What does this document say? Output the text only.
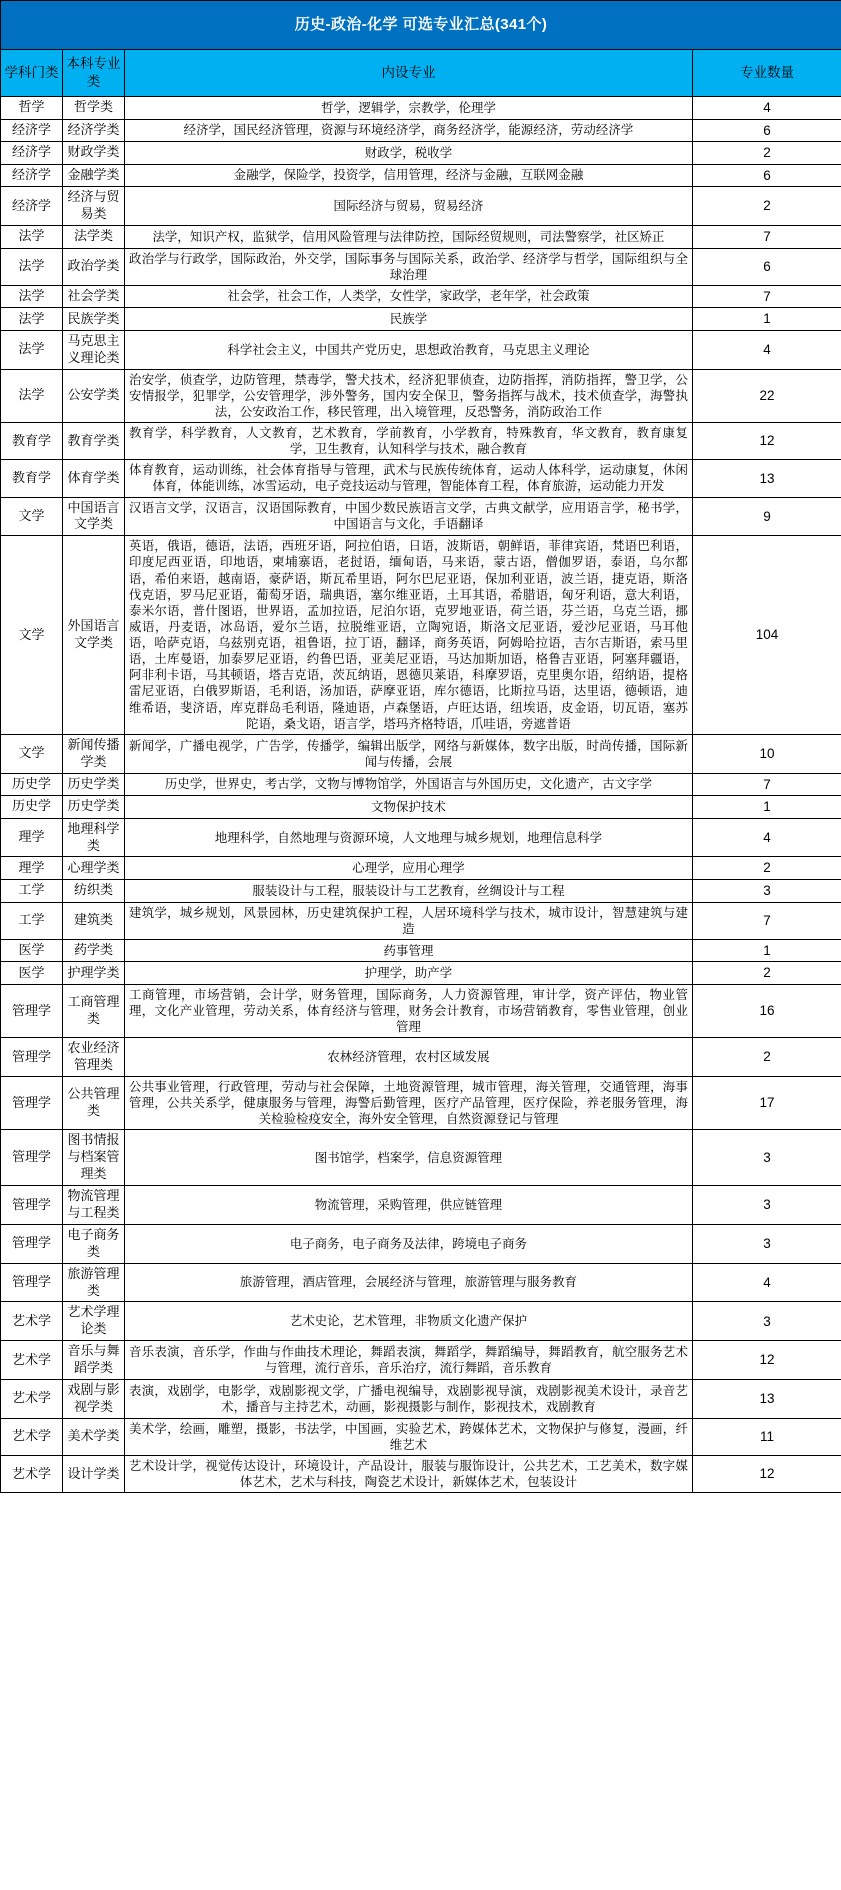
历史-政治-化学 可选专业汇总(341个)			
学科门类	本科专业类	内设专业	专业数量
哲学	哲学类	哲学，逻辑学，宗教学，伦理学	4
经济学	经济学类	经济学，国民经济管理，资源与环境经济学，商务经济学，能源经济，劳动经济学	6
经济学	财政学类	财政学，税收学	2
经济学	金融学类	金融学，保险学，投资学，信用管理，经济与金融，互联网金融	6
经济学	经济与贸易类	国际经济与贸易，贸易经济	2
法学	法学类	法学，知识产权，监狱学，信用风险管理与法律防控，国际经贸规则，司法警察学，社区矫正	7
法学	政治学类	政治学与行政学，国际政治，外交学，国际事务与国际关系，政治学、经济学与哲学，国际组织与全球治理	6
法学	社会学类	社会学，社会工作，人类学，女性学，家政学，老年学，社会政策	7
法学	民族学类	民族学	1
法学	马克思主义理论类	科学社会主义，中国共产党历史，思想政治教育，马克思主义理论	4
法学	公安学类	治安学，侦查学，边防管理，禁毒学，警犬技术，经济犯罪侦查，边防指挥，消防指挥，警卫学，公安情报学，犯罪学，公安管理学，涉外警务，国内安全保卫，警务指挥与战术，技术侦查学，海警执法，公安政治工作，移民管理，出入境管理，反恐警务，消防政治工作	22
教育学	教育学类	教育学，科学教育，人文教育，艺术教育，学前教育，小学教育，特殊教育，华文教育，教育康复学，卫生教育，认知科学与技术，融合教育	12
教育学	体育学类	体育教育，运动训练，社会体育指导与管理，武术与民族传统体育，运动人体科学，运动康复，休闲体育，体能训练，冰雪运动，电子竞技运动与管理，智能体育工程，体育旅游，运动能力开发	13
文学	中国语言文学类	汉语言文学，汉语言，汉语国际教育，中国少数民族语言文学，古典文献学，应用语言学，秘书学，中国语言与文化，手语翻译	9
文学	外国语言文学类	英语，俄语，德语，法语，西班牙语，阿拉伯语，日语，波斯语，朝鲜语，菲律宾语，梵语巴利语，印度尼西亚语，印地语，柬埔寨语，老挝语，缅甸语，马来语，蒙古语，僧伽罗语，泰语，乌尔都语，希伯来语，越南语，豪萨语，斯瓦希里语，阿尔巴尼亚语，保加利亚语，波兰语，捷克语，斯洛伐克语，罗马尼亚语，葡萄牙语，瑞典语，塞尔维亚语，土耳其语，希腊语，匈牙利语，意大利语，泰米尔语，普什图语，世界语，孟加拉语，尼泊尔语，克罗地亚语，荷兰语，芬兰语，乌克兰语，挪威语，丹麦语，冰岛语，爱尔兰语，拉脱维亚语，立陶宛语，斯洛文尼亚语，爱沙尼亚语，马耳他语，哈萨克语，乌兹别克语，祖鲁语，拉丁语，翻译，商务英语，阿姆哈拉语，吉尔吉斯语，索马里语，土库曼语，加泰罗尼亚语，约鲁巴语，亚美尼亚语，马达加斯加语，格鲁吉亚语，阿塞拜疆语，阿非利卡语，马其顿语，塔吉克语，茨瓦纳语，恩德贝莱语，科摩罗语，克里奥尔语，绍纳语，提格雷尼亚语，白俄罗斯语，毛利语，汤加语，萨摩亚语，库尔德语，比斯拉马语，达里语，德顿语，迪维希语，斐济语，库克群岛毛利语，隆迪语，卢森堡语，卢旺达语，纽埃语，皮金语，切瓦语，塞苏陀语，桑戈语，语言学，塔玛齐格特语，爪哇语，旁遮普语	104
文学	新闻传播学类	新闻学，广播电视学，广告学，传播学，编辑出版学，网络与新媒体，数字出版，时尚传播，国际新闻与传播，会展	10
历史学	历史学类	历史学，世界史，考古学，文物与博物馆学，外国语言与外国历史，文化遗产，古文字学	7
历史学	历史学类	文物保护技术	1
理学	地理科学类	地理科学，自然地理与资源环境，人文地理与城乡规划，地理信息科学	4
理学	心理学类	心理学，应用心理学	2
工学	纺织类	服装设计与工程，服装设计与工艺教育，丝绸设计与工程	3
工学	建筑类	建筑学，城乡规划，风景园林，历史建筑保护工程，人居环境科学与技术，城市设计，智慧建筑与建造	7
医学	药学类	药事管理	1
医学	护理学类	护理学，助产学	2
管理学	工商管理类	工商管理，市场营销，会计学，财务管理，国际商务，人力资源管理，审计学，资产评估，物业管理，文化产业管理，劳动关系，体育经济与管理，财务会计教育，市场营销教育，零售业管理，创业管理	16
管理学	农业经济管理类	农林经济管理，农村区域发展	2
管理学	公共管理类	公共事业管理，行政管理，劳动与社会保障，土地资源管理，城市管理，海关管理，交通管理，海事管理，公共关系学，健康服务与管理，海警后勤管理，医疗产品管理，医疗保险，养老服务管理，海关检验检疫安全，海外安全管理，自然资源登记与管理	17
管理学	图书情报与档案管理类	图书馆学，档案学，信息资源管理	3
管理学	物流管理与工程类	物流管理，采购管理，供应链管理	3
管理学	电子商务类	电子商务，电子商务及法律，跨境电子商务	3
管理学	旅游管理类	旅游管理，酒店管理，会展经济与管理，旅游管理与服务教育	4
艺术学	艺术学理论类	艺术史论，艺术管理，非物质文化遗产保护	3
艺术学	音乐与舞蹈学类	音乐表演，音乐学，作曲与作曲技术理论，舞蹈表演，舞蹈学，舞蹈编导，舞蹈教育，航空服务艺术与管理，流行音乐，音乐治疗，流行舞蹈，音乐教育	12
艺术学	戏剧与影视学类	表演，戏剧学，电影学，戏剧影视文学，广播电视编导，戏剧影视导演，戏剧影视美术设计，录音艺术，播音与主持艺术，动画，影视摄影与制作，影视技术，戏剧教育	13
艺术学	美术学类	美术学，绘画，雕塑，摄影，书法学，中国画，实验艺术，跨媒体艺术，文物保护与修复，漫画，纤维艺术	11
艺术学	设计学类	艺术设计学，视觉传达设计，环境设计，产品设计，服装与服饰设计，公共艺术，工艺美术，数字媒体艺术，艺术与科技，陶瓷艺术设计，新媒体艺术，包装设计	12
